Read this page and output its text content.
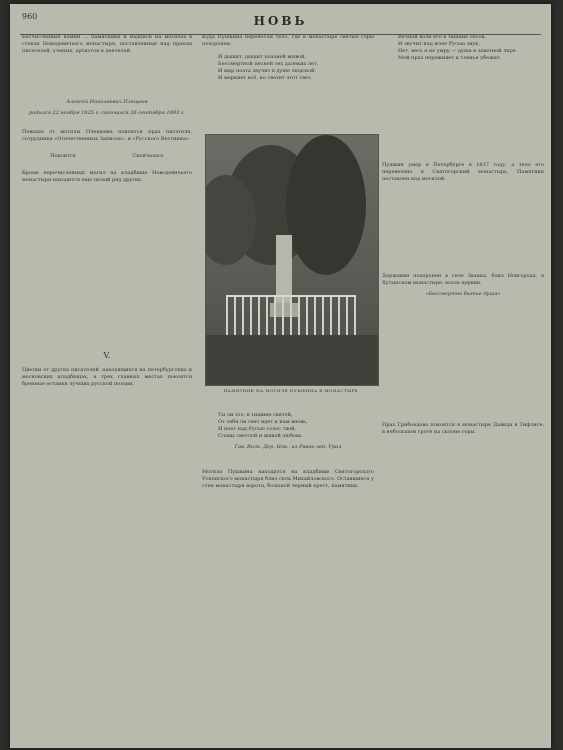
960	НОВЬ
Бесчисленные камни ... памятники и надписи на могилах в стенах Новодевичьего монастыря, поставленные над прахом писателей, ученых, артистов и деятелей.
Алексей Николаевич Плещеев
родился 22 ноября 1825 г. скончался 26 сентября 1893 г.
Повыше от могилы Плещеева покоится прах писателя, сотрудника «Отечественных Записок», и «Русского Вестника».
Покоится	Скончалась
Кроме перечисленных могил на кладбище Новодевичьего монастыря находится еще целый ряд других.
V.
Цветки от других писателей, находящихся на петербургских и московских кладбищах, в трех главных местах покоятся бренные останки лучших русской поэзии.
Куда Пушкина перенесли тело, где в монастыре святые горы похоронен.
И дышит, дышит поэзией живой,
Бессмертной песней тех далеких лет,
И мир поэта звучит в душе людской,
И меркнет всё, но светит этот свет.
ПАМЯТНИК НА МОГИЛЕ ПУШКИНА В МОНАСТЫРЕ
Ты ли это, в тишине святой,
От тебя ли свет идет к нам вновь,
И поет над Русью голос твой,
Славы светлой и живой любовь.
Гав. Волк. Дер. Нов., из Равно зап. Урал
Могила Пушкина находится на кладбище Святогорского Успенского монастыря близ села Михайловского. Оставшиеся у стен монастыря ворота, большой черный крест, памятник.
Вечной волн его в тишине лесов,
И звучит над всею Русью звук,
Нет, весь я не умру — душа в заветной лире
Мой прах переживет и тленья убежит,
Пушкин умер в Петербурге в 1837 году, а тело его перевезено в Святогорский монастырь. Памятник поставлен над могилой.
Державин похоронен в селе Званка, близ Новгорода, в Хутынском монастыре, возле церкви.
«Бессмертно бытие души»
Прах Грибоедова покоится в монастыре Давида в Тифлисе, в небольшом гроте на склоне горы.
